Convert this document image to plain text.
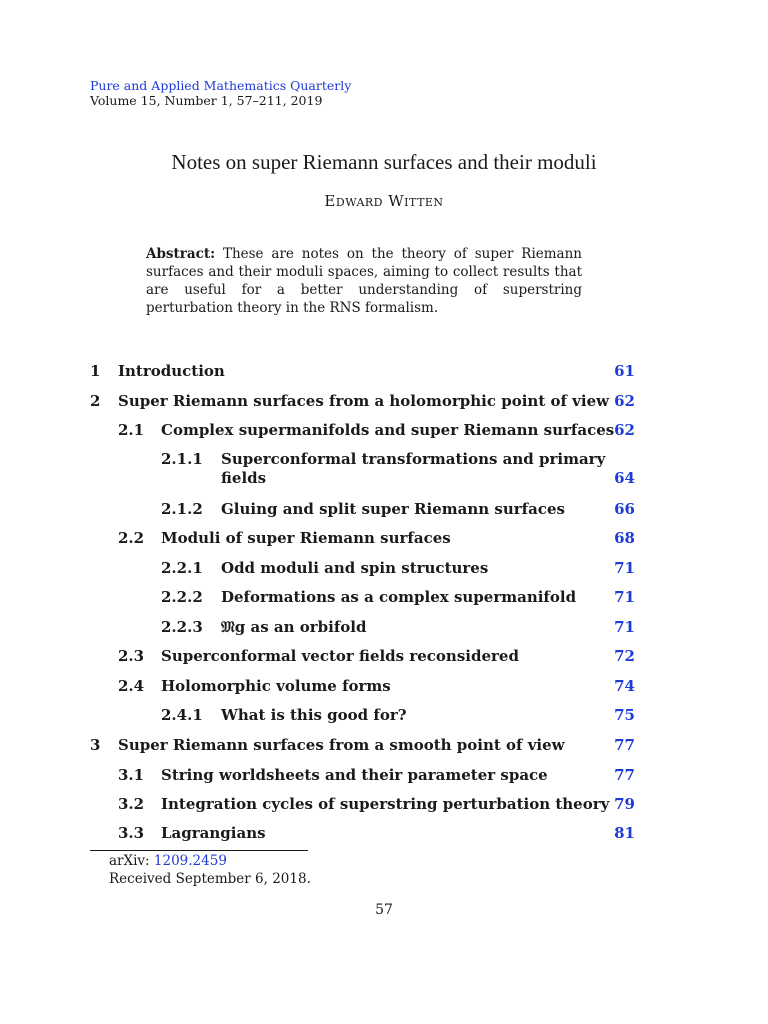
Pure and Applied Mathematics Quarterly
Volume 15, Number 1, 57–211, 2019
Notes on super Riemann surfaces and their moduli
Edward Witten
Abstract: These are notes on the theory of super Riemann surfaces and their moduli spaces, aiming to collect results that are useful for a better understanding of superstring perturbation theory in the RNS formalism.
1 Introduction	61
2 Super Riemann surfaces from a holomorphic point of view 62
2.1 Complex supermanifolds and super Riemann surfaces 62
2.1.1 Superconformal transformations and primary
fields	64
2.1.2 Gluing and split super Riemann surfaces	66
2.2 Moduli of super Riemann surfaces	68
2.2.1 Odd moduli and spin structures	71
2.2.2 Deformations as a complex supermanifold	71
2.2.3 𝔐g as an orbifold	71
2.3 Superconformal vector fields reconsidered	72
2.4 Holomorphic volume forms	74
2.4.1 What is this good for?	75
3 Super Riemann surfaces from a smooth point of view	77
3.1 String worldsheets and their parameter space	77
3.2 Integration cycles of superstring perturbation theory 79
3.3 Lagrangians	81
arXiv: 1209.2459
Received September 6, 2018.
57
